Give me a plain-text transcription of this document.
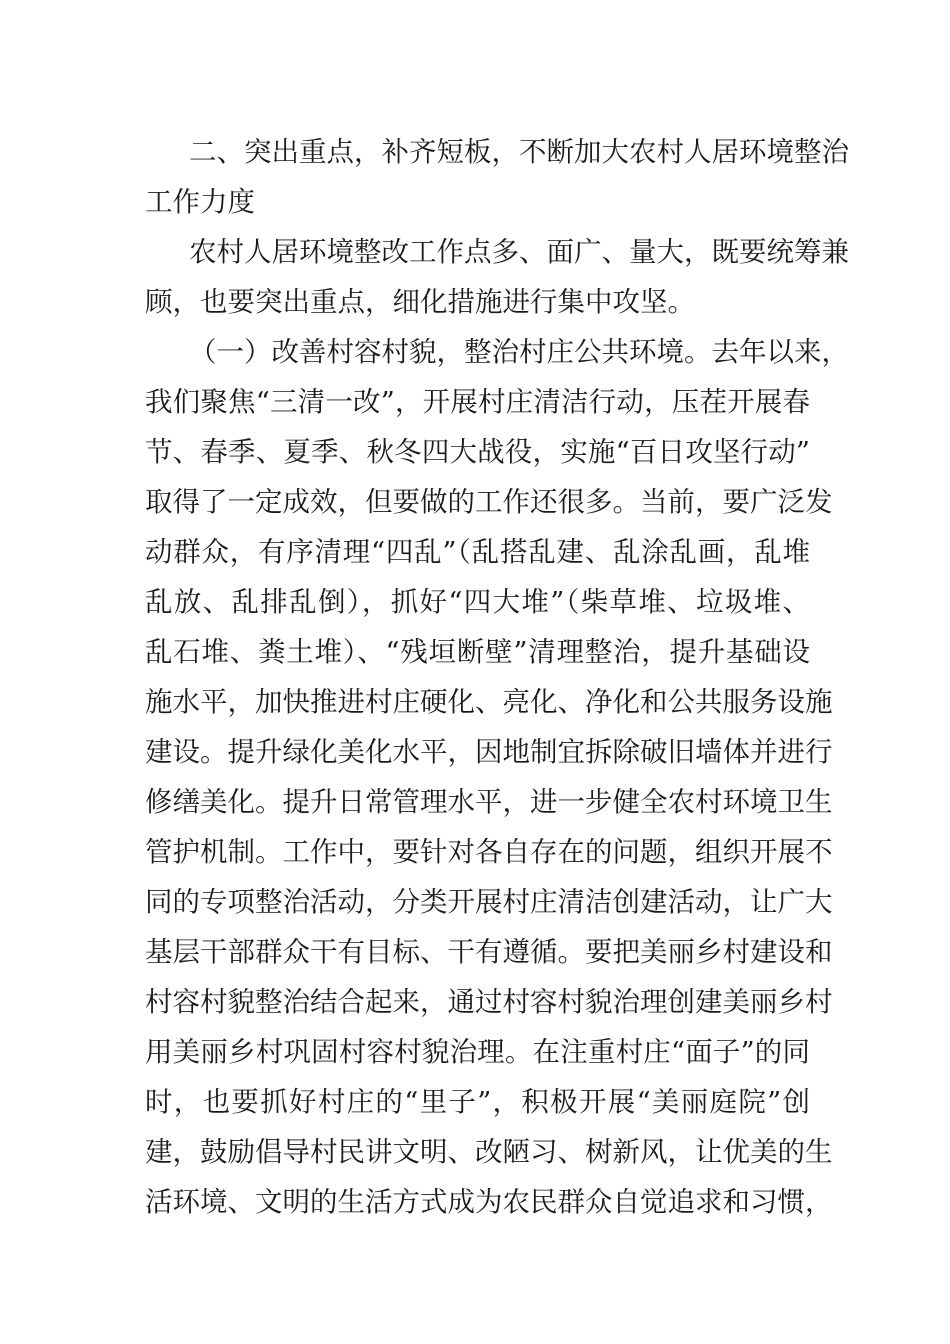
二、突出重点，补齐短板，不断加大农村人居环境整治
工作力度
农村人居环境整改工作点多、面广、量大，既要统筹兼
顾，也要突出重点，细化措施进行集中攻坚。
（一）改善村容村貌，整治村庄公共环境。去年以来，
我们聚焦“三清一改”，开展村庄清洁行动，压茬开展春
节、春季、夏季、秋冬四大战役，实施“百日攻坚行动”
取得了一定成效，但要做的工作还很多。当前，要广泛发
动群众，有序清理“四乱”（乱搭乱建、乱涂乱画，乱堆
乱放、乱排乱倒），抓好“四大堆”（柴草堆、垃圾堆、
乱石堆、粪土堆）、“残垣断壁”清理整治，提升基础设
施水平，加快推进村庄硬化、亮化、净化和公共服务设施
建设。提升绿化美化水平，因地制宜拆除破旧墙体并进行
修缮美化。提升日常管理水平，进一步健全农村环境卫生
管护机制。工作中，要针对各自存在的问题，组织开展不
同的专项整治活动，分类开展村庄清洁创建活动，让广大
基层干部群众干有目标、干有遵循。要把美丽乡村建设和
村容村貌整治结合起来，通过村容村貌治理创建美丽乡村
用美丽乡村巩固村容村貌治理。在注重村庄“面子”的同
时，也要抓好村庄的“里子”，积极开展“美丽庭院”创
建，鼓励倡导村民讲文明、改陋习、树新风，让优美的生
活环境、文明的生活方式成为农民群众自觉追求和习惯，
